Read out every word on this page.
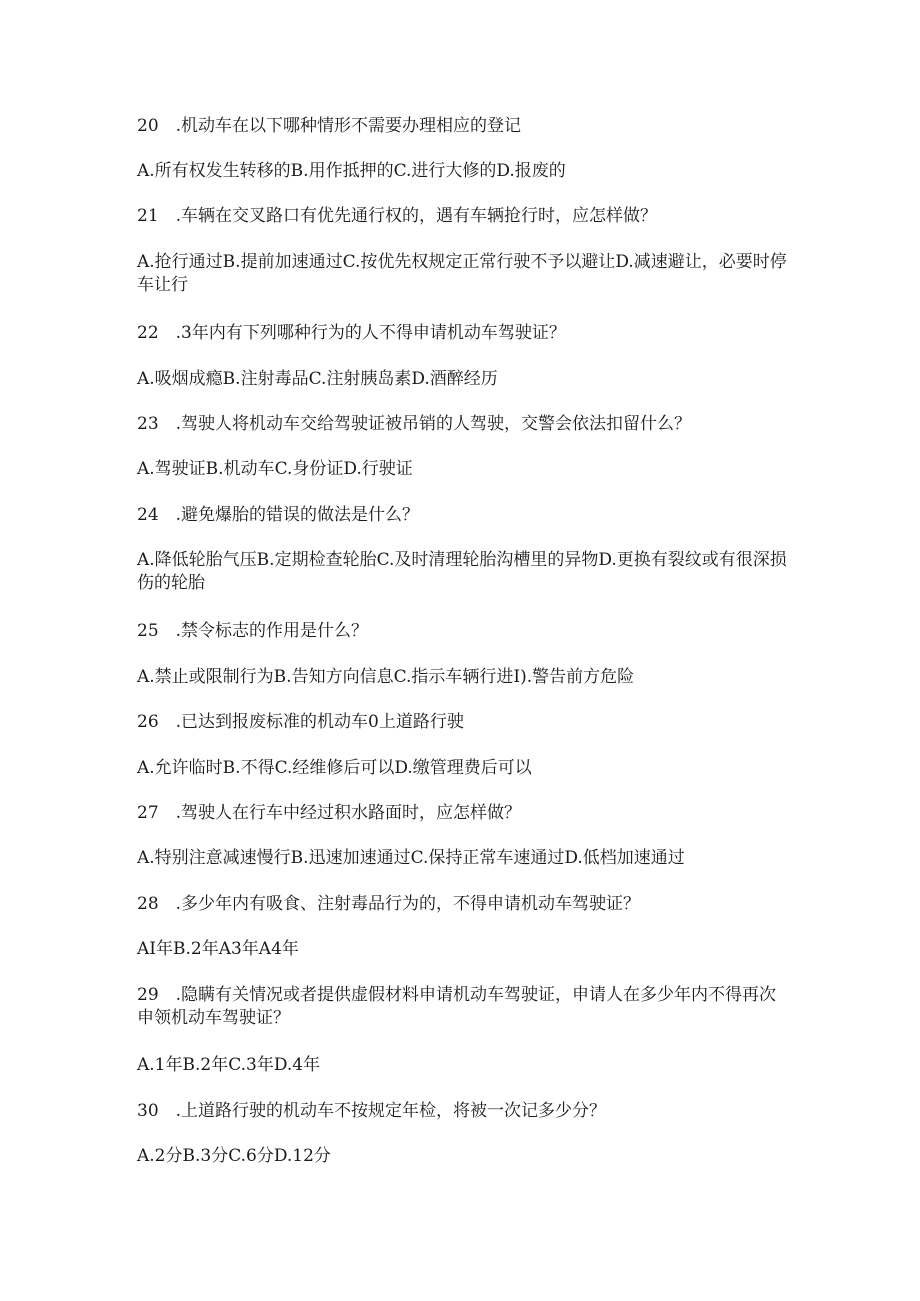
20　.机动车在以下哪种情形不需要办理相应的登记
A.所有权发生转移的B.用作抵押的C.进行大修的D.报废的
21　.车辆在交叉路口有优先通行权的，遇有车辆抢行时，应怎样做？
A.抢行通过B.提前加速通过C.按优先权规定正常行驶不予以避让D.减速避让，必要时停车让行
22　.3年内有下列哪种行为的人不得申请机动车驾驶证？
A.吸烟成瘾B.注射毒品C.注射胰岛素D.酒醉经历
23　.驾驶人将机动车交给驾驶证被吊销的人驾驶，交警会依法扣留什么？
A.驾驶证B.机动车C.身份证D.行驶证
24　.避免爆胎的错误的做法是什么？
A.降低轮胎气压B.定期检查轮胎C.及时清理轮胎沟槽里的异物D.更换有裂纹或有很深损伤的轮胎
25　.禁令标志的作用是什么？
A.禁止或限制行为B.告知方向信息C.指示车辆行进I).警告前方危险
26　.已达到报废标准的机动车0上道路行驶
A.允许临时B.不得C.经维修后可以D.缴管理费后可以
27　.驾驶人在行车中经过积水路面时，应怎样做？
A.特别注意减速慢行B.迅速加速通过C.保持正常车速通过D.低档加速通过
28　.多少年内有吸食、注射毒品行为的，不得申请机动车驾驶证？
AI年B.2年A3年A4年
29　.隐瞒有关情况或者提供虚假材料申请机动车驾驶证，申请人在多少年内不得再次申领机动车驾驶证？
A.1年B.2年C.3年D.4年
30　.上道路行驶的机动车不按规定年检，将被一次记多少分？
A.2分B.3分C.6分D.12分
